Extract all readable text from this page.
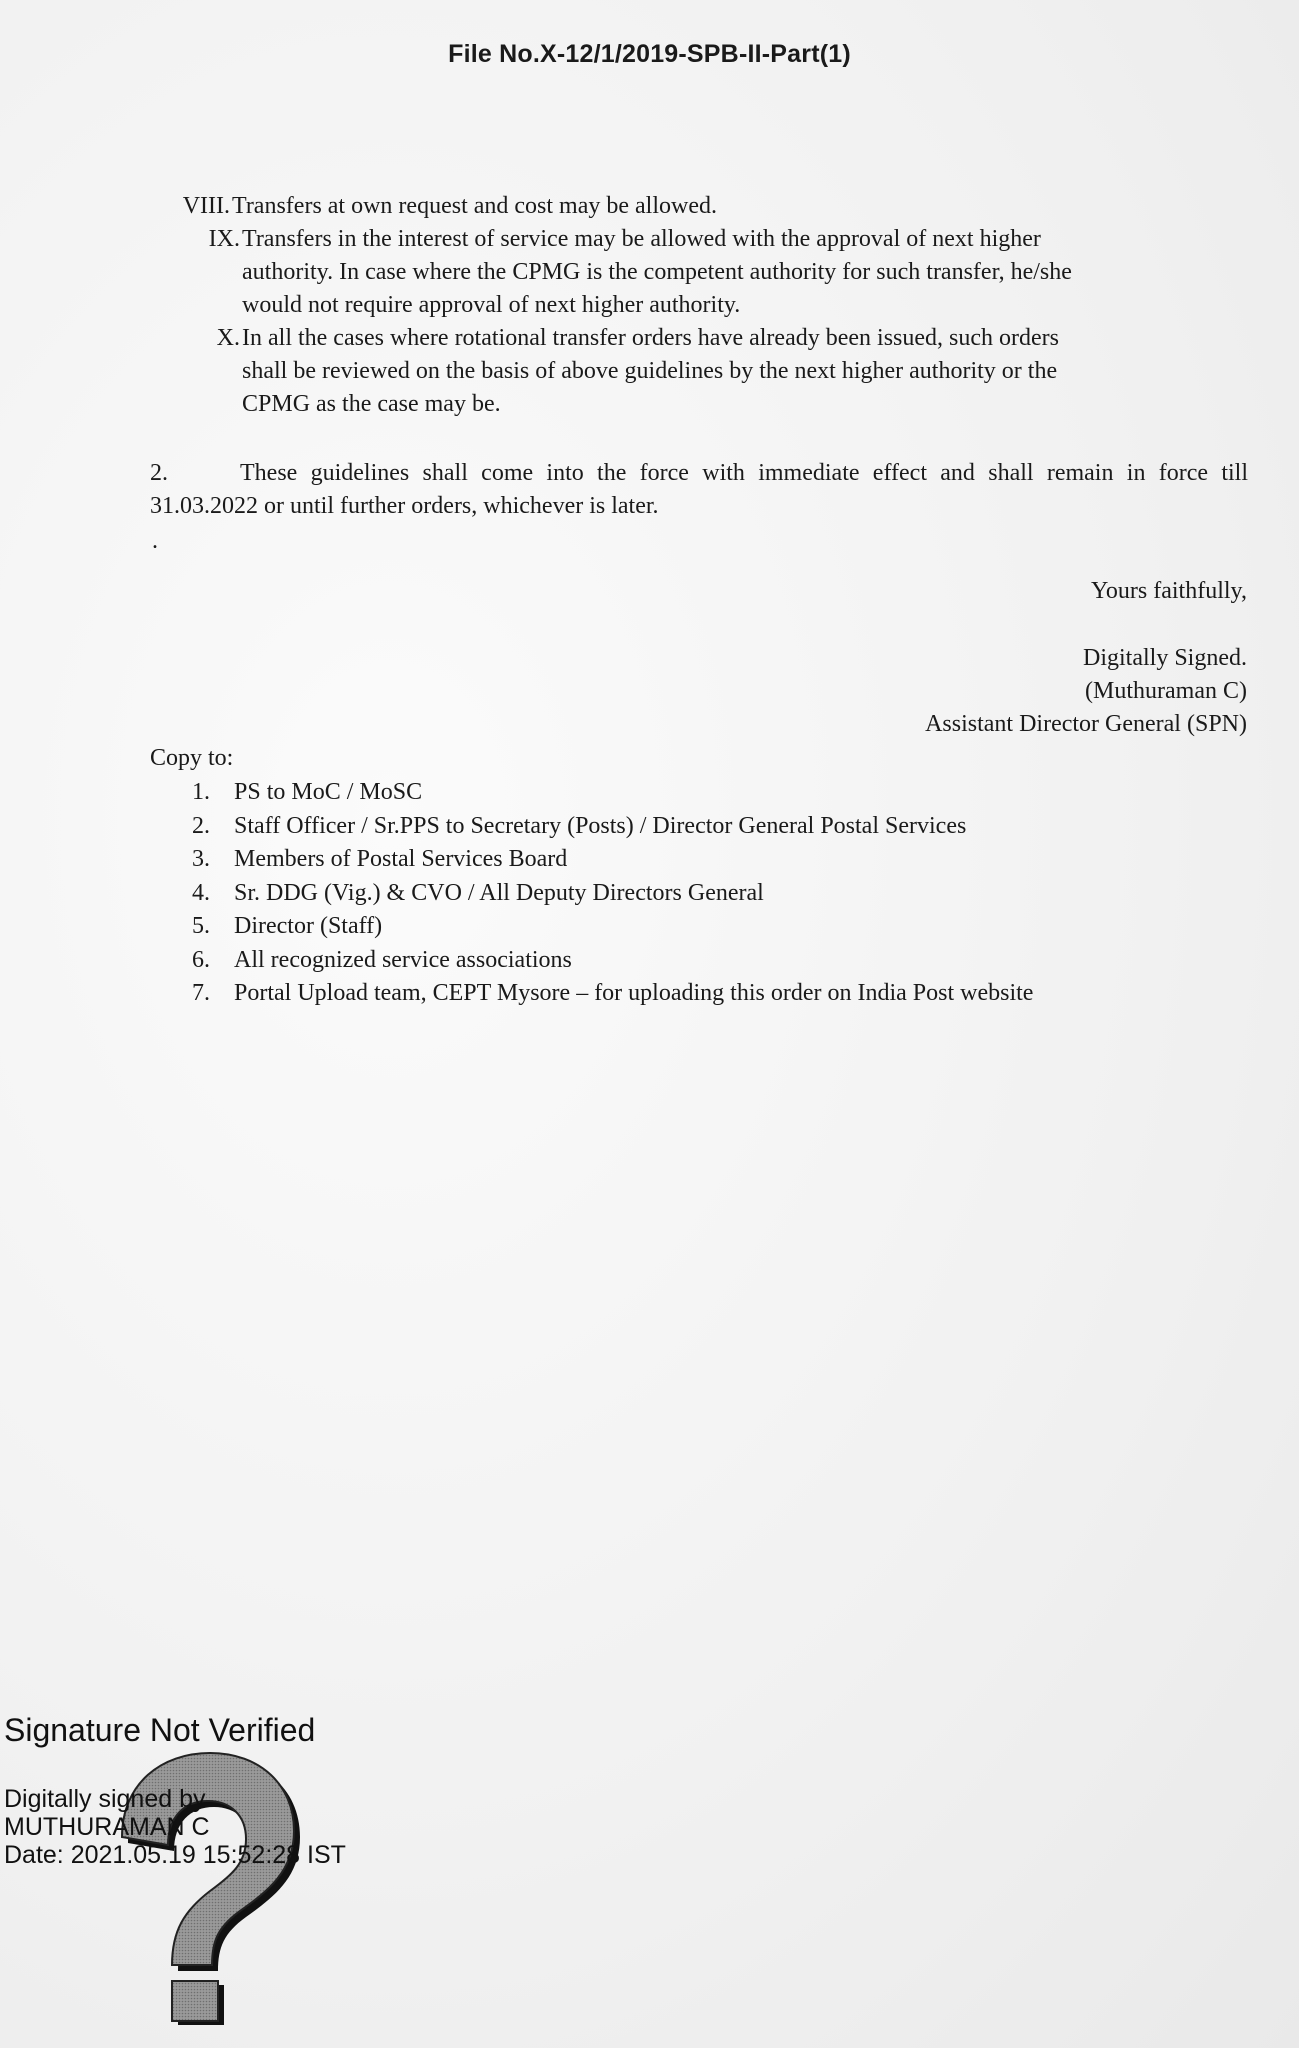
File No.X-12/1/2019-SPB-II-Part(1)
VIII. Transfers at own request and cost may be allowed.
IX. Transfers in the interest of service may be allowed with the approval of next higher
authority. In case where the CPMG is the competent authority for such transfer, he/she
would not require approval of next higher authority.
X. In all the cases where rotational transfer orders have already been issued, such orders
shall be reviewed on the basis of above guidelines by the next higher authority or the
CPMG as the case may be.
2.	These guidelines shall come into the force with immediate effect and shall remain in force till 31.03.2022 or until further orders, whichever is later.
.
Yours faithfully,
Digitally Signed.
(Muthuraman C)
Assistant Director General (SPN)
Copy to:
1.	PS to MoC / MoSC
2.	Staff Officer / Sr.PPS to Secretary (Posts) / Director General Postal Services
3.	Members of Postal Services Board
4.	Sr. DDG (Vig.) & CVO / All Deputy Directors General
5.	Director (Staff)
6.	All recognized service associations
7.	Portal Upload team, CEPT Mysore – for uploading this order on India Post website
Signature Not Verified
Digitally signed by
MUTHURAMAN C
Date: 2021.05.19 15:52:28 IST
